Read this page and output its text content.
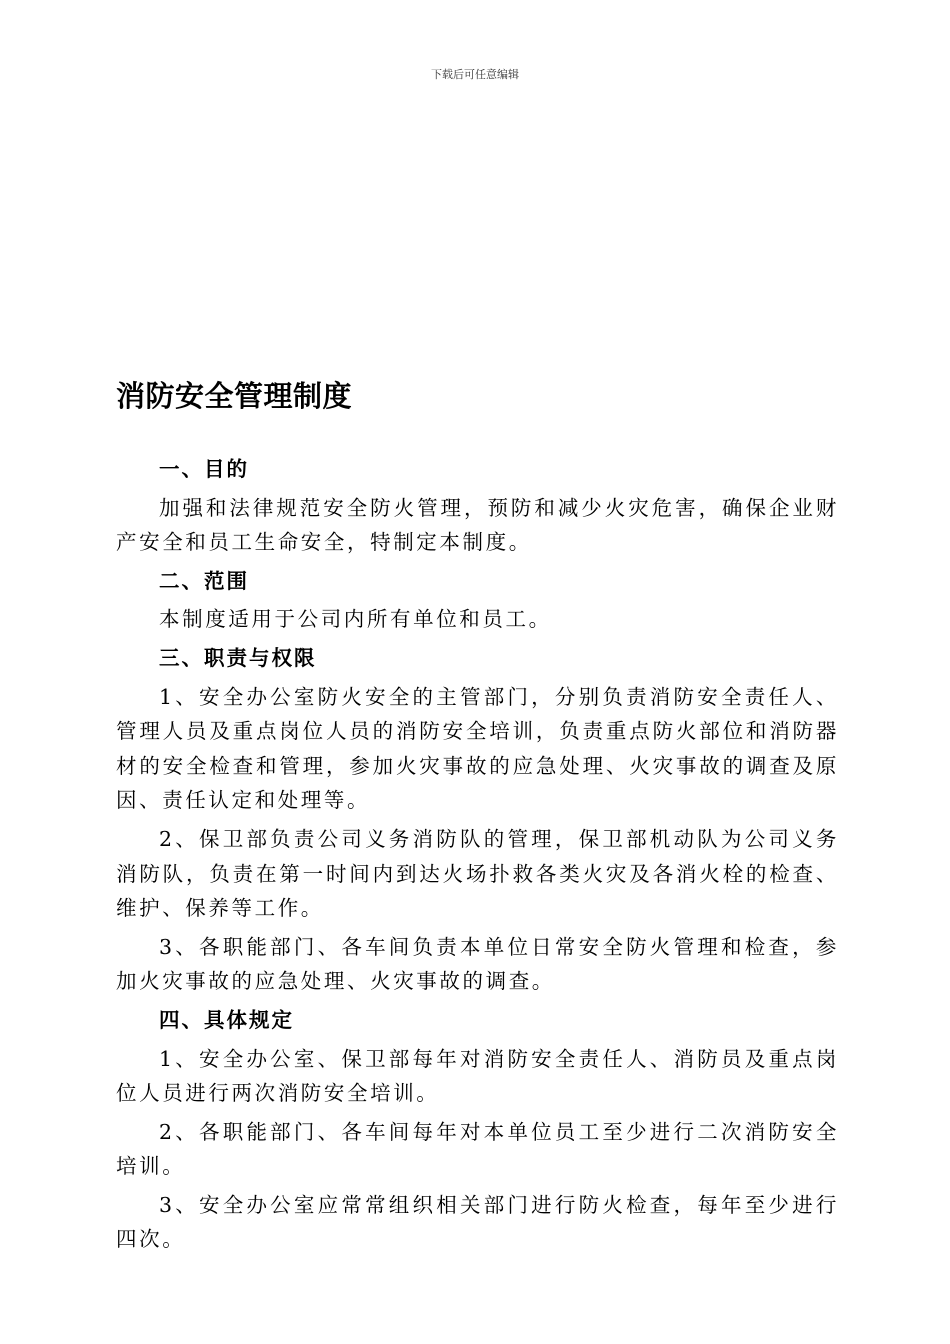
下载后可任意编辑
消防安全管理制度
一、目的

加强和法律规范安全防火管理，预防和减少火灾危害，确保企业财产安全和员工生命安全，特制定本制度。

二、范围

本制度适用于公司内所有单位和员工。

三、职责与权限

1、安全办公室防火安全的主管部门，分别负责消防安全责任人、管理人员及重点岗位人员的消防安全培训，负责重点防火部位和消防器材的安全检查和管理，参加火灾事故的应急处理、火灾事故的调查及原因、责任认定和处理等。

2、保卫部负责公司义务消防队的管理，保卫部机动队为公司义务消防队，负责在第一时间内到达火场扑救各类火灾及各消火栓的检查、维护、保养等工作。

3、各职能部门、各车间负责本单位日常安全防火管理和检查，参加火灾事故的应急处理、火灾事故的调查。

四、具体规定

1、安全办公室、保卫部每年对消防安全责任人、消防员及重点岗位人员进行两次消防安全培训。

2、各职能部门、各车间每年对本单位员工至少进行二次消防安全培训。

3、安全办公室应常常组织相关部门进行防火检查，每年至少进行四次。
